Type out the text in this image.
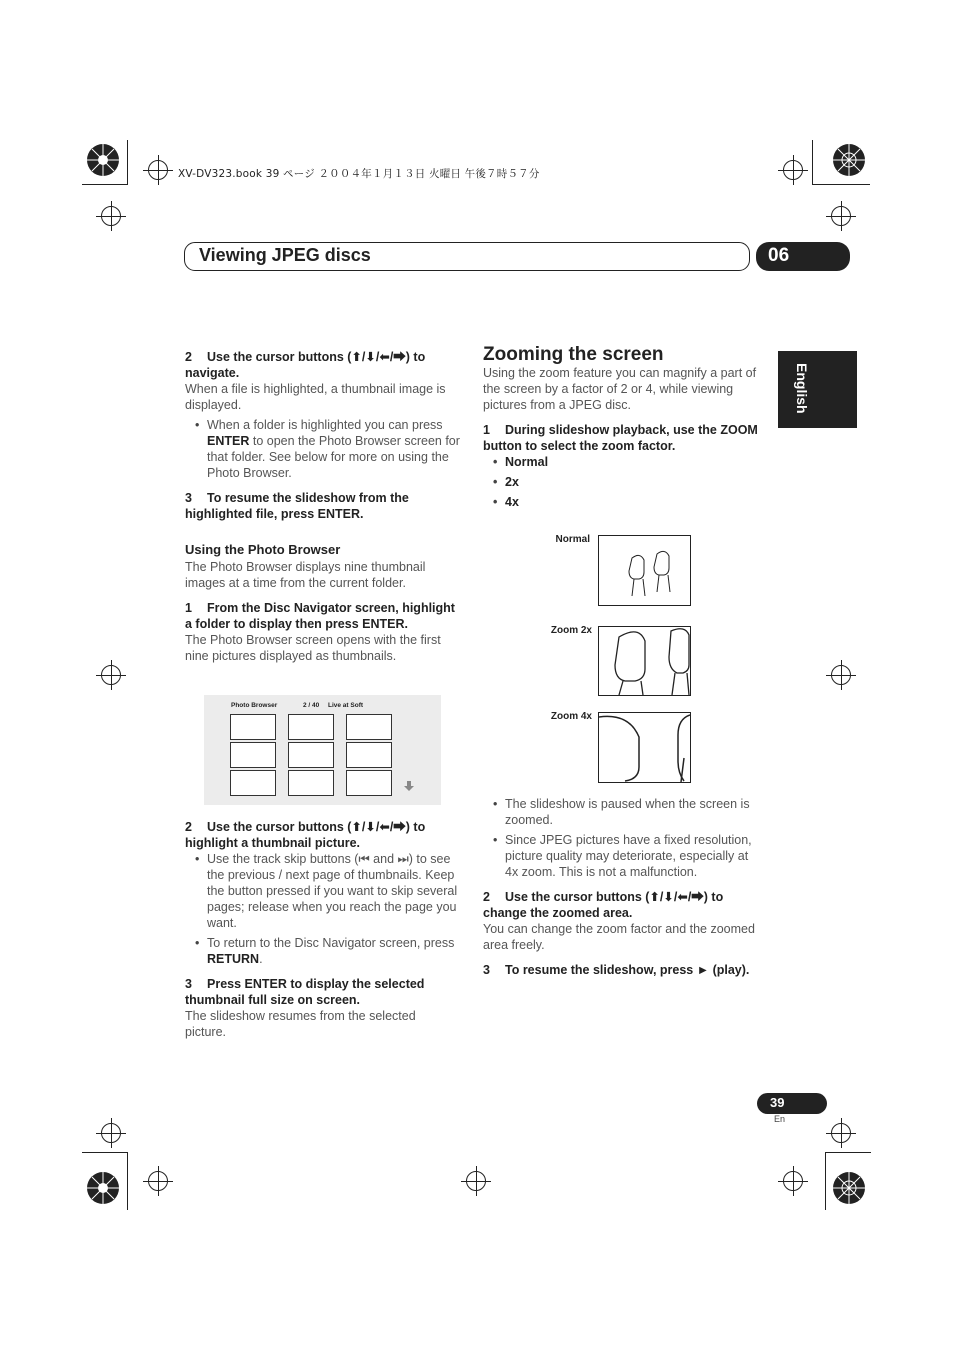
XV-DV323.book 39 ページ ２００４年１月１３日 火曜日 午後７時５７分
Viewing JPEG discs	06
English

2 Use the cursor buttons (⬆/⬇/⬅/⮕) to navigate.

When a file is highlighted, a thumbnail image is displayed.

• When a folder is highlighted you can press ENTER to open the Photo Browser screen for that folder. See below for more on using the Photo Browser.

3 To resume the slideshow from the highlighted file, press ENTER.

Using the Photo Browser

The Photo Browser displays nine thumbnail images at a time from the current folder.

1 From the Disc Navigator screen, highlight a folder to display then press ENTER.

The Photo Browser screen opens with the first nine pictures displayed as thumbnails.

Photo Browser	2 / 40 Live at Soft

2 Use the cursor buttons (⬆/⬇/⬅/⮕) to highlight a thumbnail picture.

• Use the track skip buttons (⏮ and ⏭) to see the previous / next page of thumbnails. Keep the button pressed if you want to skip several pages; release when you reach the page you want.
• To return to the Disc Navigator screen, press RETURN.

3 Press ENTER to display the selected thumbnail full size on screen.

The slideshow resumes from the selected picture.

Zooming the screen

Using the zoom feature you can magnify a part of the screen by a factor of 2 or 4, while viewing pictures from a JPEG disc.

1 During slideshow playback, use the ZOOM button to select the zoom factor.

• Normal
• 2x
• 4x
Normal
Zoom 2x
Zoom 4x
• The slideshow is paused when the screen is zoomed.
• Since JPEG pictures have a fixed resolution, picture quality may deteriorate, especially at 4x zoom. This is not a malfunction.

2 Use the cursor buttons (⬆/⬇/⬅/⮕) to change the zoomed area.

You can change the zoom factor and the zoomed area freely.

3 To resume the slideshow, press ► (play).

39
En
